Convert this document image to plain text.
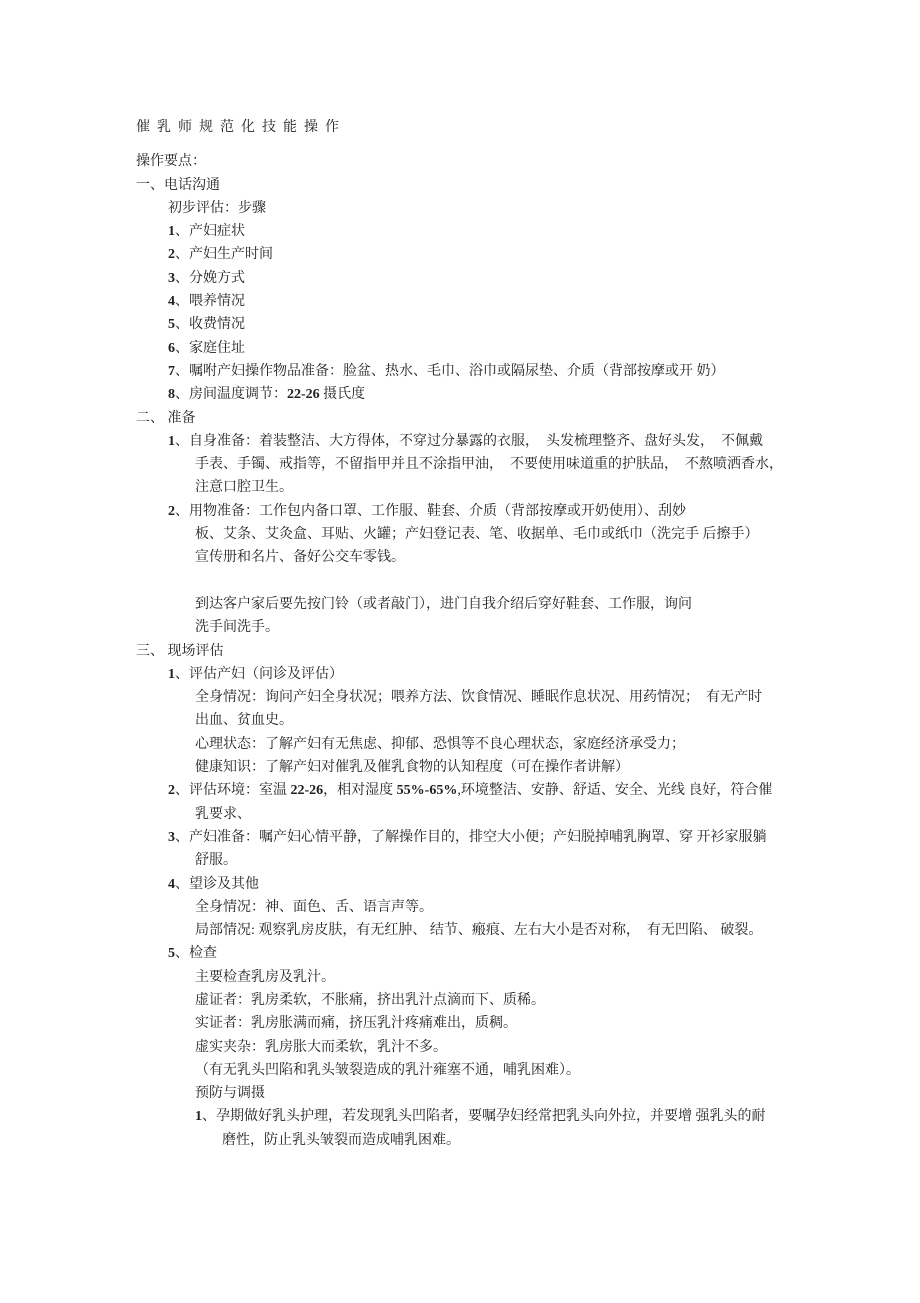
催乳师规范化技能操作

操作要点：

一、电话沟通

初步评估：步骤

1、产妇症状

2、产妇生产时间

3、分娩方式

4、喂养情况

5、收费情况

6、家庭住址

7、嘱咐产妇操作物品准备：脸盆、热水、毛巾、浴巾或隔尿垫、介质（背部按摩或开 奶）

8、房间温度调节：22-26 摄氏度

二、 准备

1、自身准备：着装整洁、大方得体，不穿过分暴露的衣服，  头发梳理整齐、盘好头发，  不佩戴

手表、手镯、戒指等，不留指甲并且不涂指甲油，  不要使用味道重的护肤品，  不熬喷洒香水，

注意口腔卫生。

2、用物准备：工作包内备口罩、工作服、鞋套、介质（背部按摩或开奶使用）、刮妙

板、艾条、艾灸盒、耳贴、火罐；产妇登记表、笔、收据单、毛巾或纸巾（洗完手 后擦手）

宣传册和名片、备好公交车零钱。

到达客户家后要先按门铃（或者敲门），进门自我介绍后穿好鞋套、工作服，询问

洗手间洗手。

三、 现场评估

1、评估产妇（问诊及评估）

全身情况：询问产妇全身状况；喂养方法、饮食情况、睡眠作息状况、用药情况；  有无产时

出血、贫血史。

心理状态：了解产妇有无焦虑、抑郁、恐惧等不良心理状态，家庭经济承受力；

健康知识：了解产妇对催乳及催乳食物的认知程度（可在操作者讲解）

2、评估环境：室温 22-26，相对湿度 55%-65%,环境整洁、安静、舒适、安全、光线 良好，符合催

乳要求、

3、产妇准备：嘱产妇心情平静，了解操作目的，排空大小便；产妇脱掉哺乳胸罩、穿 开衫家服躺

舒服。

4、望诊及其他

全身情况：神、面色、舌、语言声等。

局部情况: 观察乳房皮肤，有无红肿、 结节、瘢痕、左右大小是否对称，  有无凹陷、 破裂。

5、检查

主要检查乳房及乳汁。

虚证者：乳房柔软，不胀痛，挤出乳汁点滴而下、质稀。

实证者：乳房胀满而痛，挤压乳汁疼痛难出，质稠。

虚实夹杂：乳房胀大而柔软，乳汁不多。

（有无乳头凹陷和乳头皱裂造成的乳汁雍塞不通，哺乳困难）。

预防与调摄

1、孕期做好乳头护理，若发现乳头凹陷者，要嘱孕妇经常把乳头向外拉，并要增 强乳头的耐

磨性，防止乳头皱裂而造成哺乳困难。
